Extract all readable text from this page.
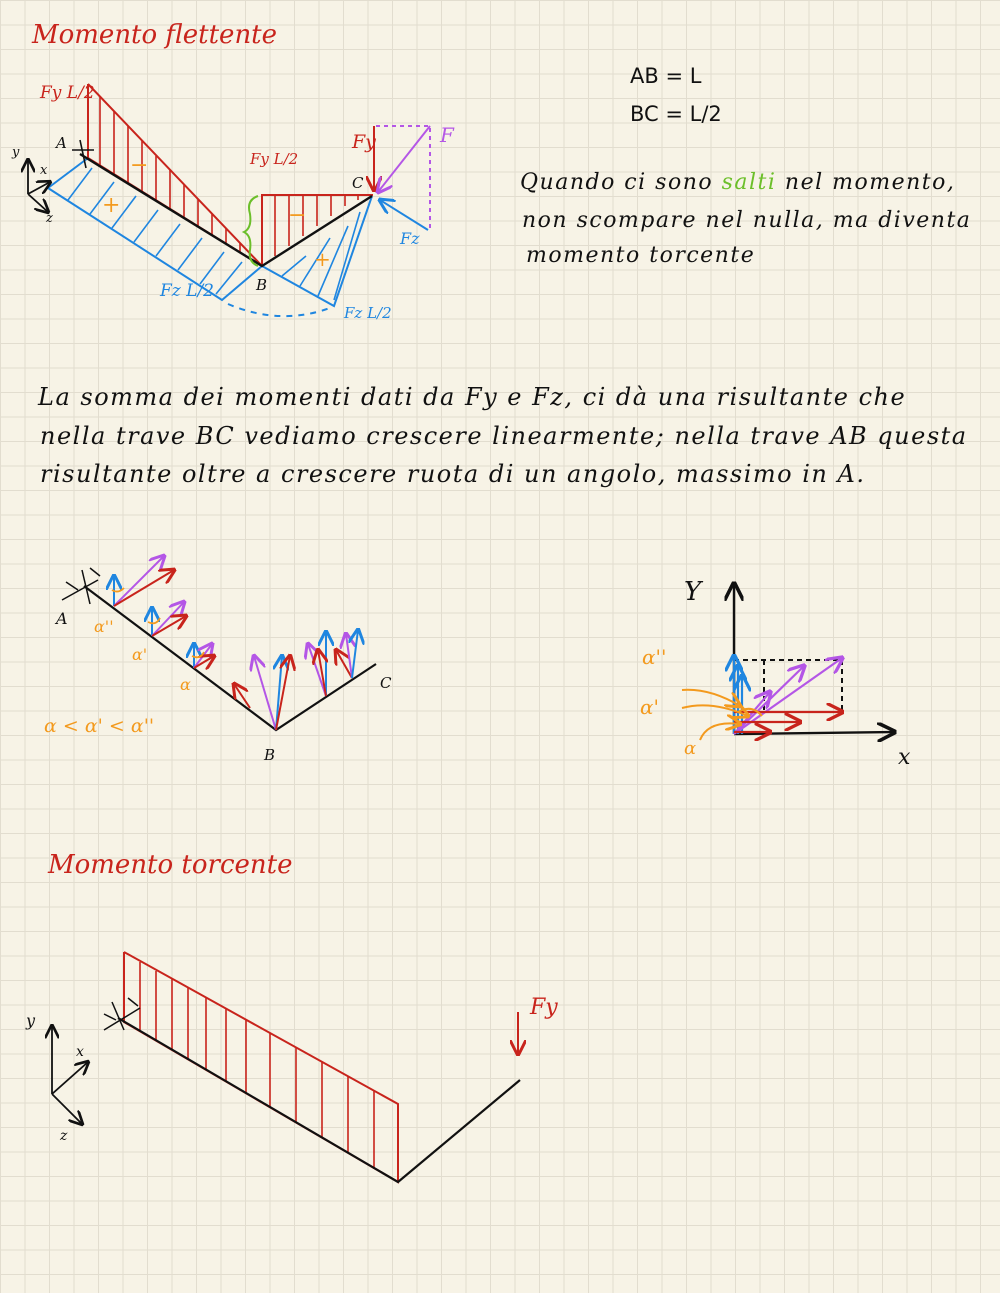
Momento flettente
AB = L
BC = L/2
Quando ci sono salti nel momento,
non scompare nel nulla, ma diventa
momento torcente
La somma dei momenti dati da Fy e Fz, ci dà una risultante che
nella trave BC vediamo crescere linearmente; nella trave AB questa
risultante oltre a crescere ruota di un angolo, massimo in A.
Momento torcente
Fy L/2
Fy L/2
Fy	F
Fz
Fz L/2
Fz L/2
A
B
C
+
−
−
+
y
x
z
A
B
C
α''
α'
α
α < α' < α''
Y
x
α''
α'
α
Fy
y
x
z
